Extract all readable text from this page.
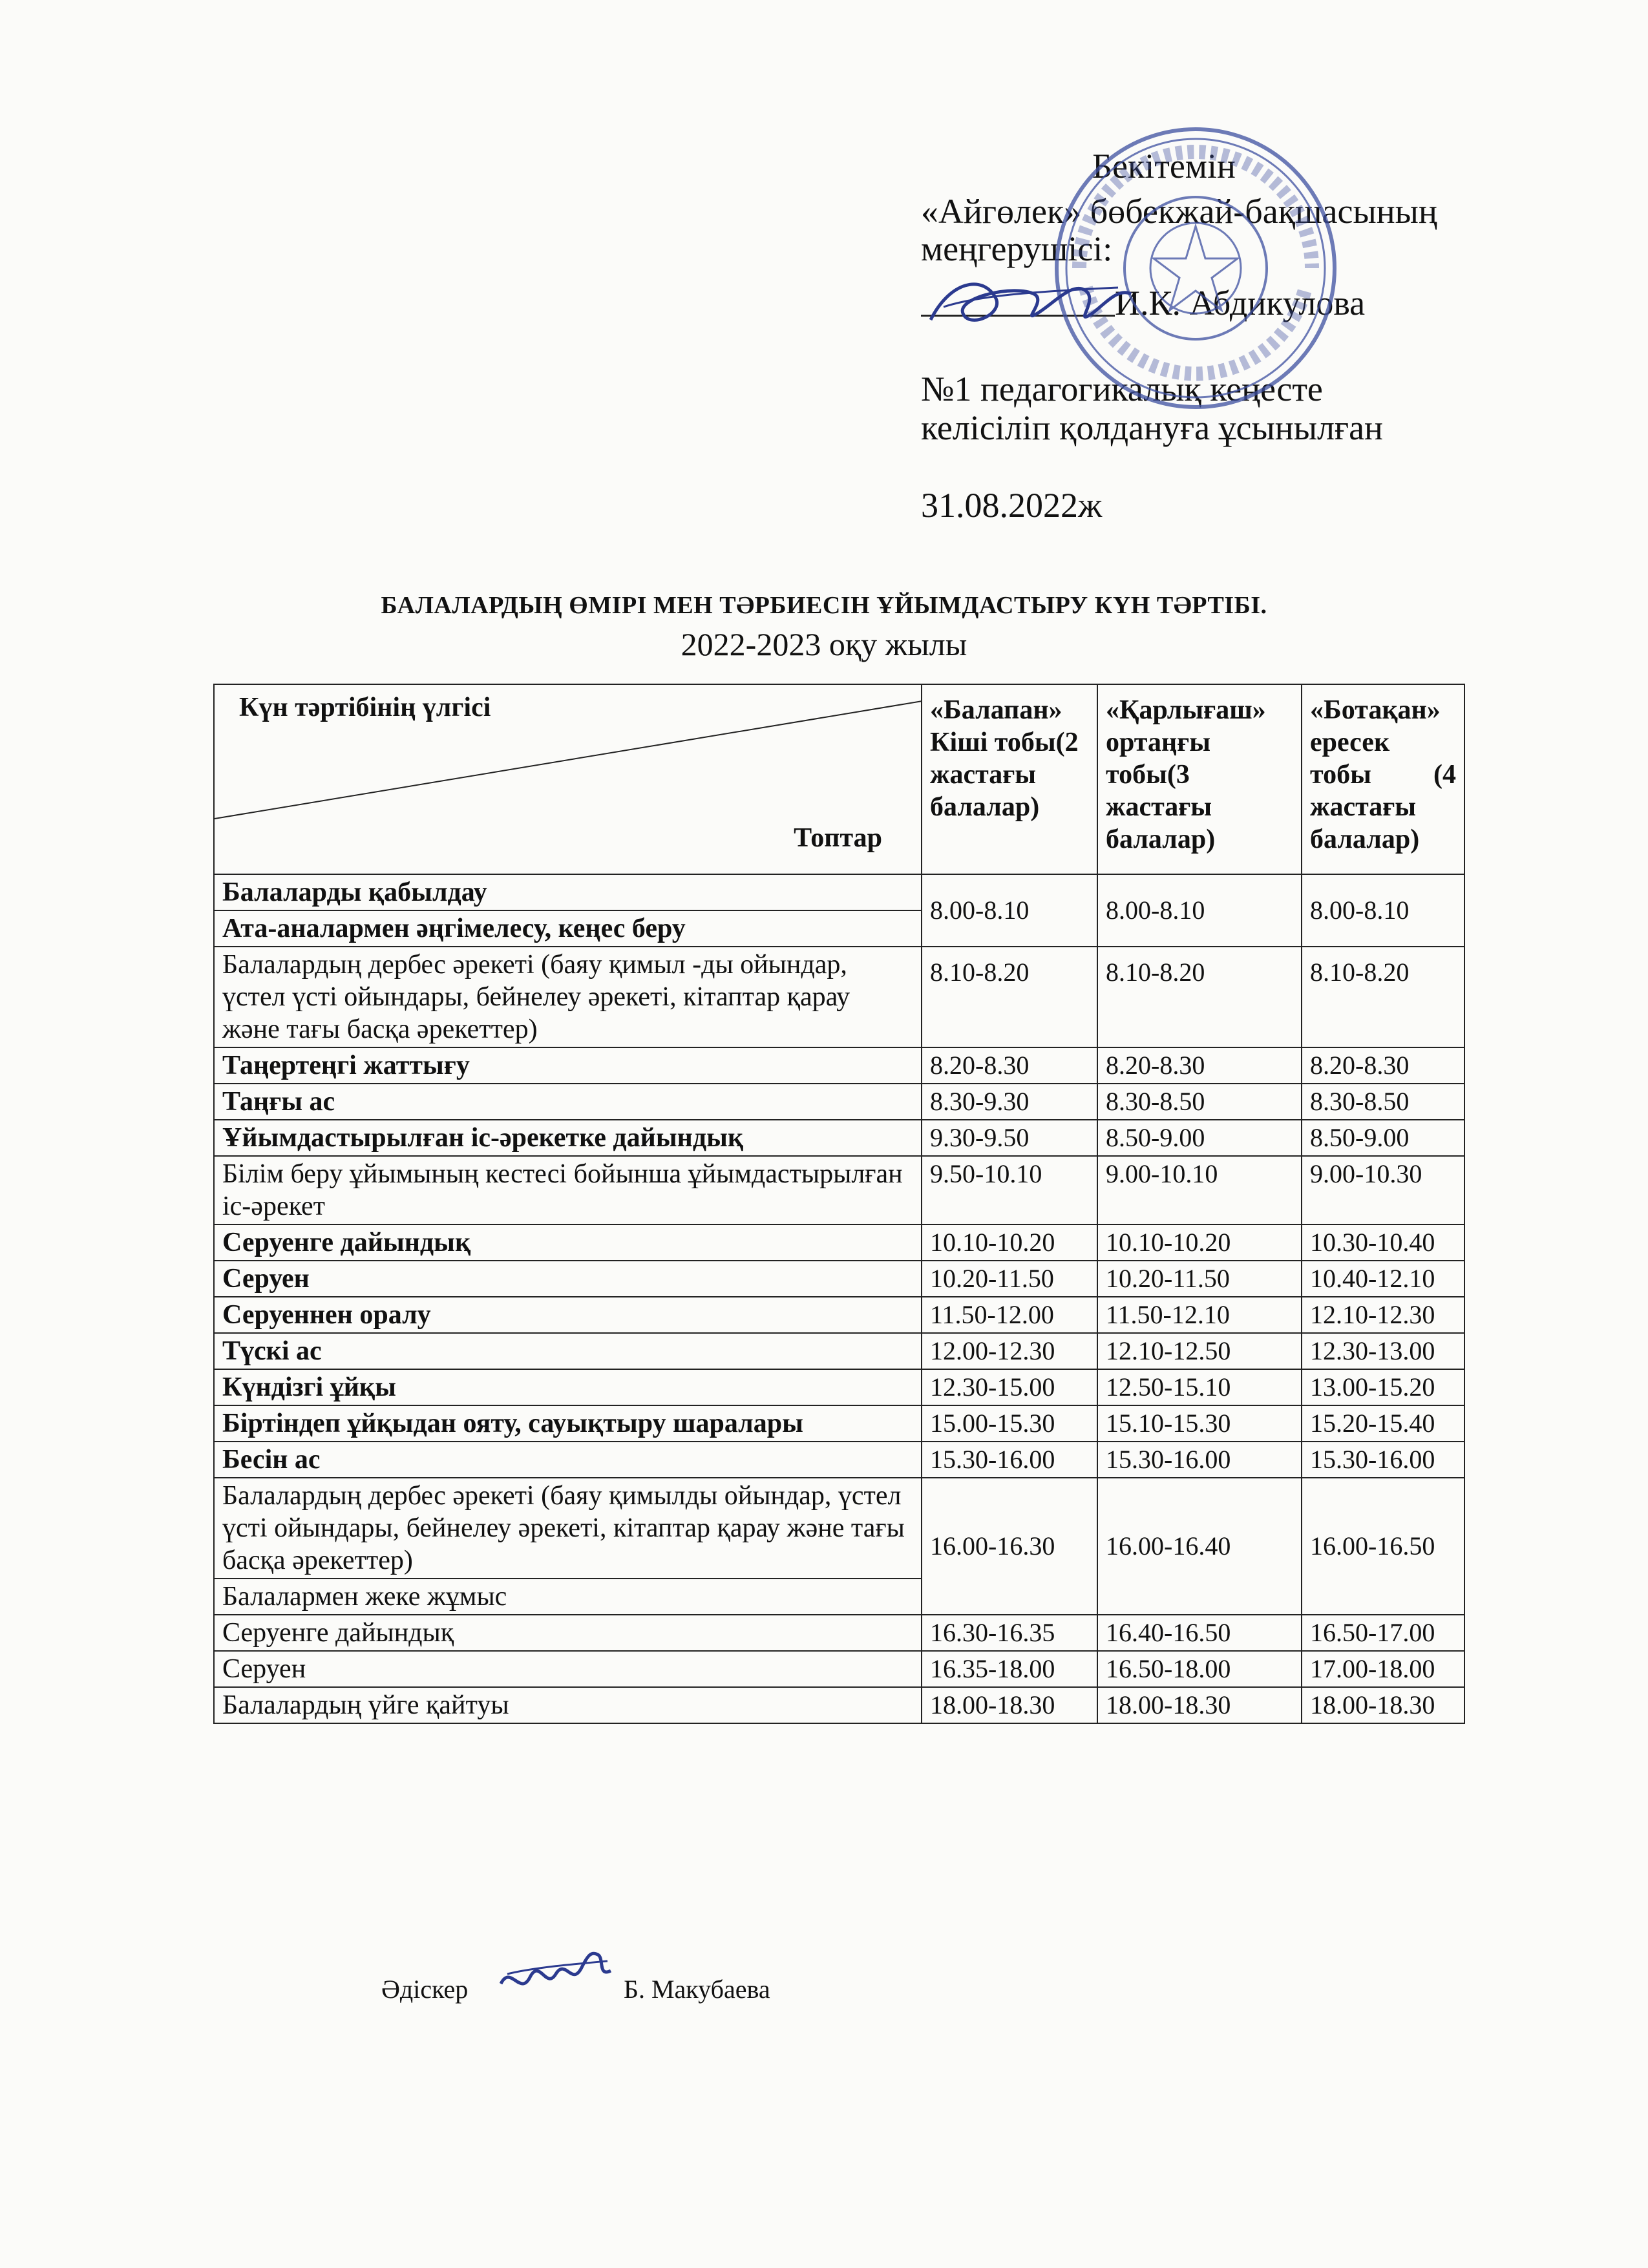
Бекітемін
«Айгөлек» бөбекжай-бақшасының
меңгерушісі:
И.К. Абдикулова
№1 педагогикалық кеңесте
келісіліп қолдануға ұсынылған
31.08.2022ж
БАЛАЛАРДЫҢ ӨМІРІ МЕН ТӘРБИЕСІН ҰЙЫМДАСТЫРУ КҮН ТӘРТІБІ.
2022-2023 оқу жылы
Күн тәртібінің үлгісі
Топтар	«Балапан» Кіші тобы(2 жастағы балалар)	«Қарлығаш» ортаңғы тобы(3 жастағы балалар)	«Ботақан» ересек тобы (4 жастағы балалар)
Балаларды қабылдау	8.00-8.10	8.00-8.10	8.00-8.10
Ата-аналармен әңгімелесу, кеңес беру			
Балалардың дербес әрекеті (баяу қимыл -ды ойындар, үстел үсті ойындары, бейнелеу әрекеті, кітаптар қарау және тағы басқа әрекеттер)	8.10-8.20	8.10-8.20	8.10-8.20
Таңертеңгі жаттығу	8.20-8.30	8.20-8.30	8.20-8.30
Таңғы ас	8.30-9.30	8.30-8.50	8.30-8.50
Ұйымдастырылған іс-әрекетке дайындық	9.30-9.50	8.50-9.00	8.50-9.00
Білім беру ұйымының кестесі бойынша ұйымдастырылған іс-әрекет	9.50-10.10	9.00-10.10	9.00-10.30
Серуенге дайындық	10.10-10.20	10.10-10.20	10.30-10.40
Серуен	10.20-11.50	10.20-11.50	10.40-12.10
Серуеннен оралу	11.50-12.00	11.50-12.10	12.10-12.30
Түскі ас	12.00-12.30	12.10-12.50	12.30-13.00
Күндізгі ұйқы	12.30-15.00	12.50-15.10	13.00-15.20
Біртіндеп ұйқыдан ояту, сауықтыру шаралары	15.00-15.30	15.10-15.30	15.20-15.40
Бесін ас	15.30-16.00	15.30-16.00	15.30-16.00
Балалардың дербес әрекеті (баяу қимылды ойындар, үстел үсті ойындары, бейнелеу әрекеті, кітаптар қарау және тағы басқа әрекеттер)	16.00-16.30	16.00-16.40	16.00-16.50
Балалармен жеке жұмыс			
Серуенге дайындық	16.30-16.35	16.40-16.50	16.50-17.00
Серуен	16.35-18.00	16.50-18.00	17.00-18.00
Балалардың үйге қайтуы	18.00-18.30	18.00-18.30	18.00-18.30
Әдіскер	Б. Макубаева
